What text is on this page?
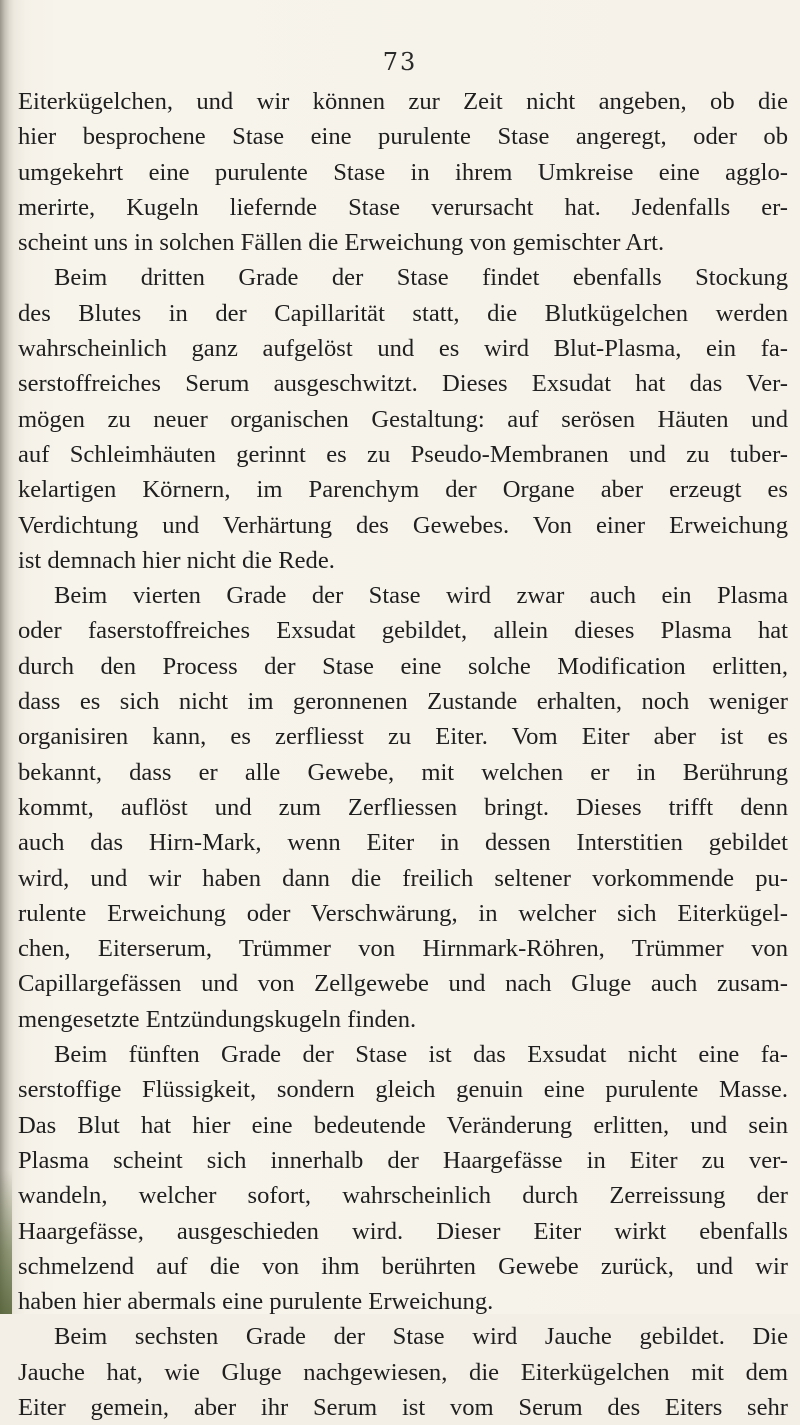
73
Eiterkügelchen, und wir können zur Zeit nicht angeben, ob die
hier besprochene Stase eine purulente Stase angeregt, oder ob
umgekehrt eine purulente Stase in ihrem Umkreise eine agglo-
merirte, Kugeln liefernde Stase verursacht hat. Jedenfalls er-
scheint uns in solchen Fällen die Erweichung von gemischter Art.
Beim dritten Grade der Stase findet ebenfalls Stockung
des Blutes in der Capillarität statt, die Blutkügelchen werden
wahrscheinlich ganz aufgelöst und es wird Blut-Plasma, ein fa-
serstoffreiches Serum ausgeschwitzt. Dieses Exsudat hat das Ver-
mögen zu neuer organischen Gestaltung: auf serösen Häuten und
auf Schleimhäuten gerinnt es zu Pseudo-Membranen und zu tuber-
kelartigen Körnern, im Parenchym der Organe aber erzeugt es
Verdichtung und Verhärtung des Gewebes. Von einer Erweichung
ist demnach hier nicht die Rede.
Beim vierten Grade der Stase wird zwar auch ein Plasma
oder faserstoffreiches Exsudat gebildet, allein dieses Plasma hat
durch den Process der Stase eine solche Modification erlitten,
dass es sich nicht im geronnenen Zustande erhalten, noch weniger
organisiren kann, es zerfliesst zu Eiter. Vom Eiter aber ist es
bekannt, dass er alle Gewebe, mit welchen er in Berührung
kommt, auflöst und zum Zerfliessen bringt. Dieses trifft denn
auch das Hirn-Mark, wenn Eiter in dessen Interstitien gebildet
wird, und wir haben dann die freilich seltener vorkommende pu-
rulente Erweichung oder Verschwärung, in welcher sich Eiterkügel-
chen, Eiterserum, Trümmer von Hirnmark-Röhren, Trümmer von
Capillargefässen und von Zellgewebe und nach Gluge auch zusam-
mengesetzte Entzündungskugeln finden.
Beim fünften Grade der Stase ist das Exsudat nicht eine fa-
serstoffige Flüssigkeit, sondern gleich genuin eine purulente Masse.
Das Blut hat hier eine bedeutende Veränderung erlitten, und sein
Plasma scheint sich innerhalb der Haargefässe in Eiter zu ver-
wandeln, welcher sofort, wahrscheinlich durch Zerreissung der
Haargefässe, ausgeschieden wird. Dieser Eiter wirkt ebenfalls
schmelzend auf die von ihm berührten Gewebe zurück, und wir
haben hier abermals eine purulente Erweichung.
Beim sechsten Grade der Stase wird Jauche gebildet. Die
Jauche hat, wie Gluge nachgewiesen, die Eiterkügelchen mit dem
Eiter gemein, aber ihr Serum ist vom Serum des Eiters sehr
